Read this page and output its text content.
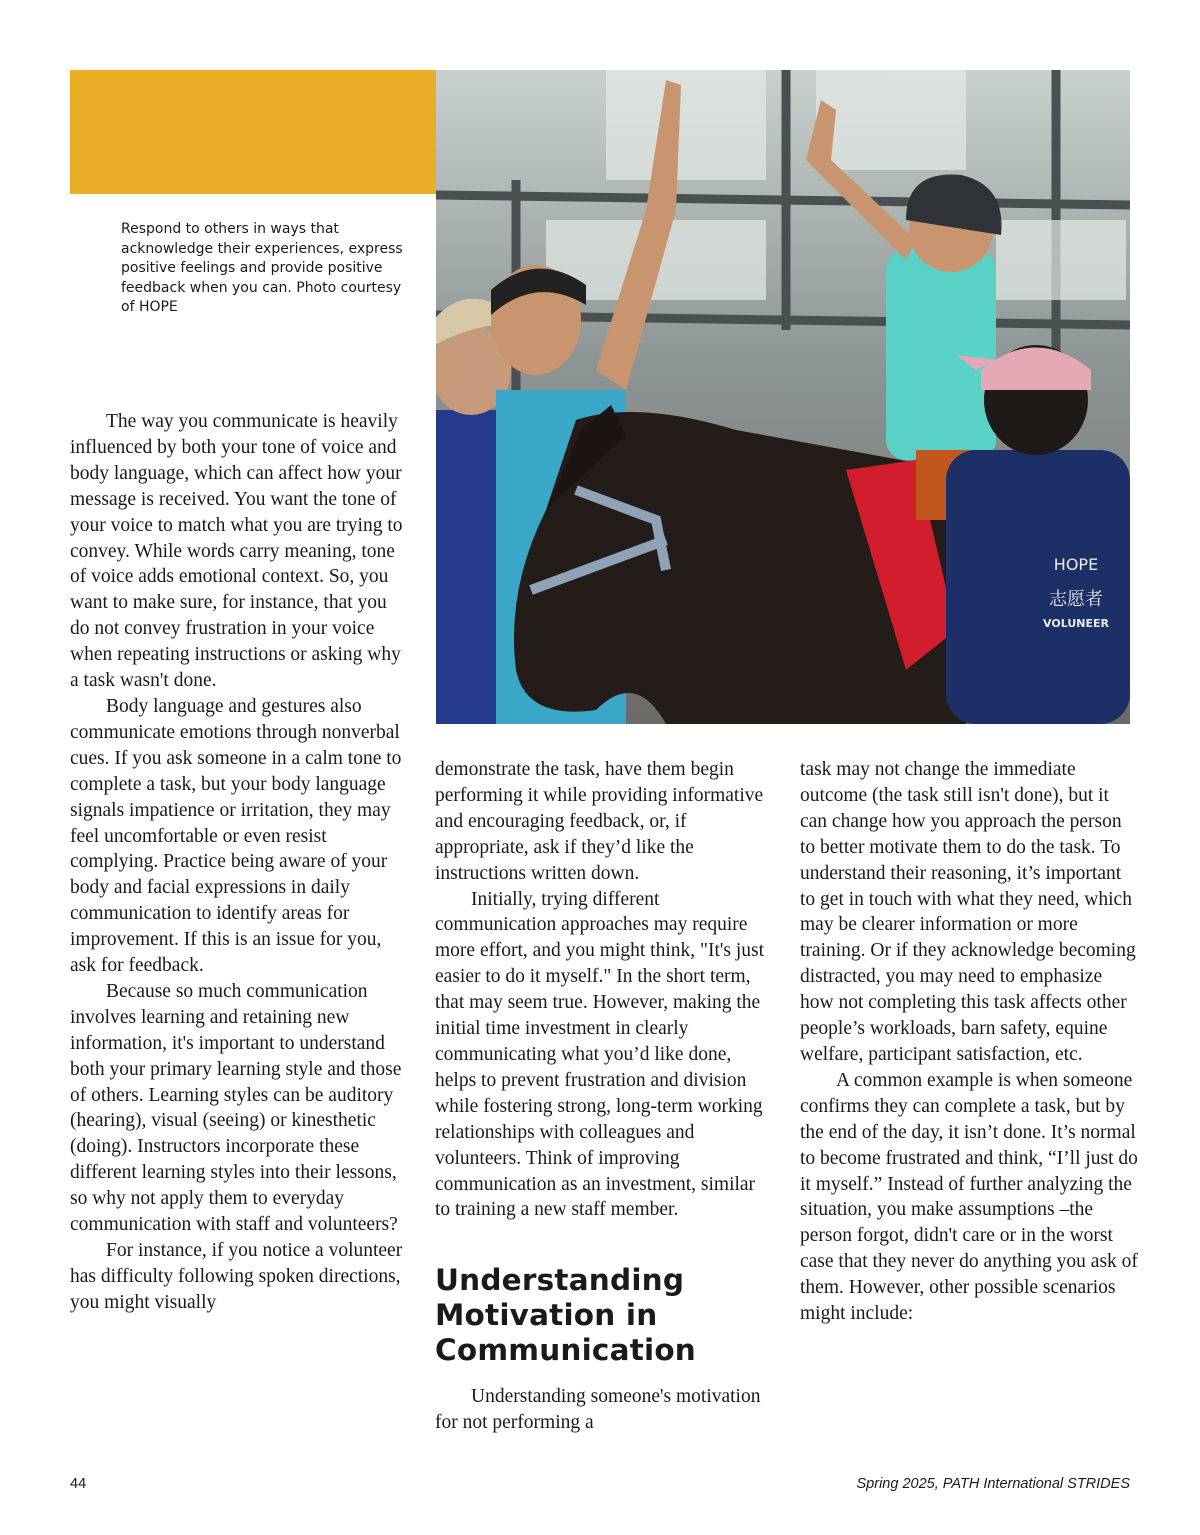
HOPE
志愿者
VOLUNEER
Respond to others in ways that acknowledge their experiences, express positive feelings and provide positive feedback when you can. Photo courtesy of HOPE

The way you communicate is heavily influenced by both your tone of voice and body language, which can affect how your message is received. You want the tone of your voice to match what you are trying to convey. While words carry meaning, tone of voice adds emotional context. So, you want to make sure, for instance, that you do not convey frustration in your voice when repeating instructions or asking why a task wasn't done.

Body language and gestures also communicate emotions through nonverbal cues. If you ask someone in a calm tone to complete a task, but your body language signals impatience or irritation, they may feel uncomfortable or even resist complying. Practice being aware of your body and facial expressions in daily communication to identify areas for improvement. If this is an issue for you, ask for feedback.

Because so much communication involves learning and retaining new information, it's important to understand both your primary learning style and those of others. Learning styles can be auditory (hearing), visual (seeing) or kinesthetic (doing). Instructors incorporate these different learning styles into their lessons, so why not apply them to everyday communication with staff and volunteers?

For instance, if you notice a volunteer has difficulty following spoken directions, you might visually

demonstrate the task, have them begin performing it while providing informative and encouraging feedback, or, if appropriate, ask if they’d like the instructions written down.

Initially, trying different communication approaches may require more effort, and you might think, "It's just easier to do it myself." In the short term, that may seem true. However, making the initial time investment in clearly communicating what you’d like done, helps to prevent frustration and division while fostering strong, long-term working relationships with colleagues and volunteers. Think of improving communication as an investment, similar to training a new staff member.

Understanding Motivation in Communication

Understanding someone's motivation for not performing a

task may not change the immediate outcome (the task still isn't done), but it can change how you approach the person to better motivate them to do the task. To understand their reasoning, it’s important to get in touch with what they need, which may be clearer information or more training. Or if they acknowledge becoming distracted, you may need to emphasize how not completing this task affects other people’s workloads, barn safety, equine welfare, participant satisfaction, etc.

A common example is when someone confirms they can complete a task, but by the end of the day, it isn’t done. It’s normal to become frustrated and think, “I’ll just do it myself.” Instead of further analyzing the situation, you make assumptions –the person forgot, didn't care or in the worst case that they never do anything you ask of them. However, other possible scenarios might include:

44	Spring 2025, PATH International STRIDES
